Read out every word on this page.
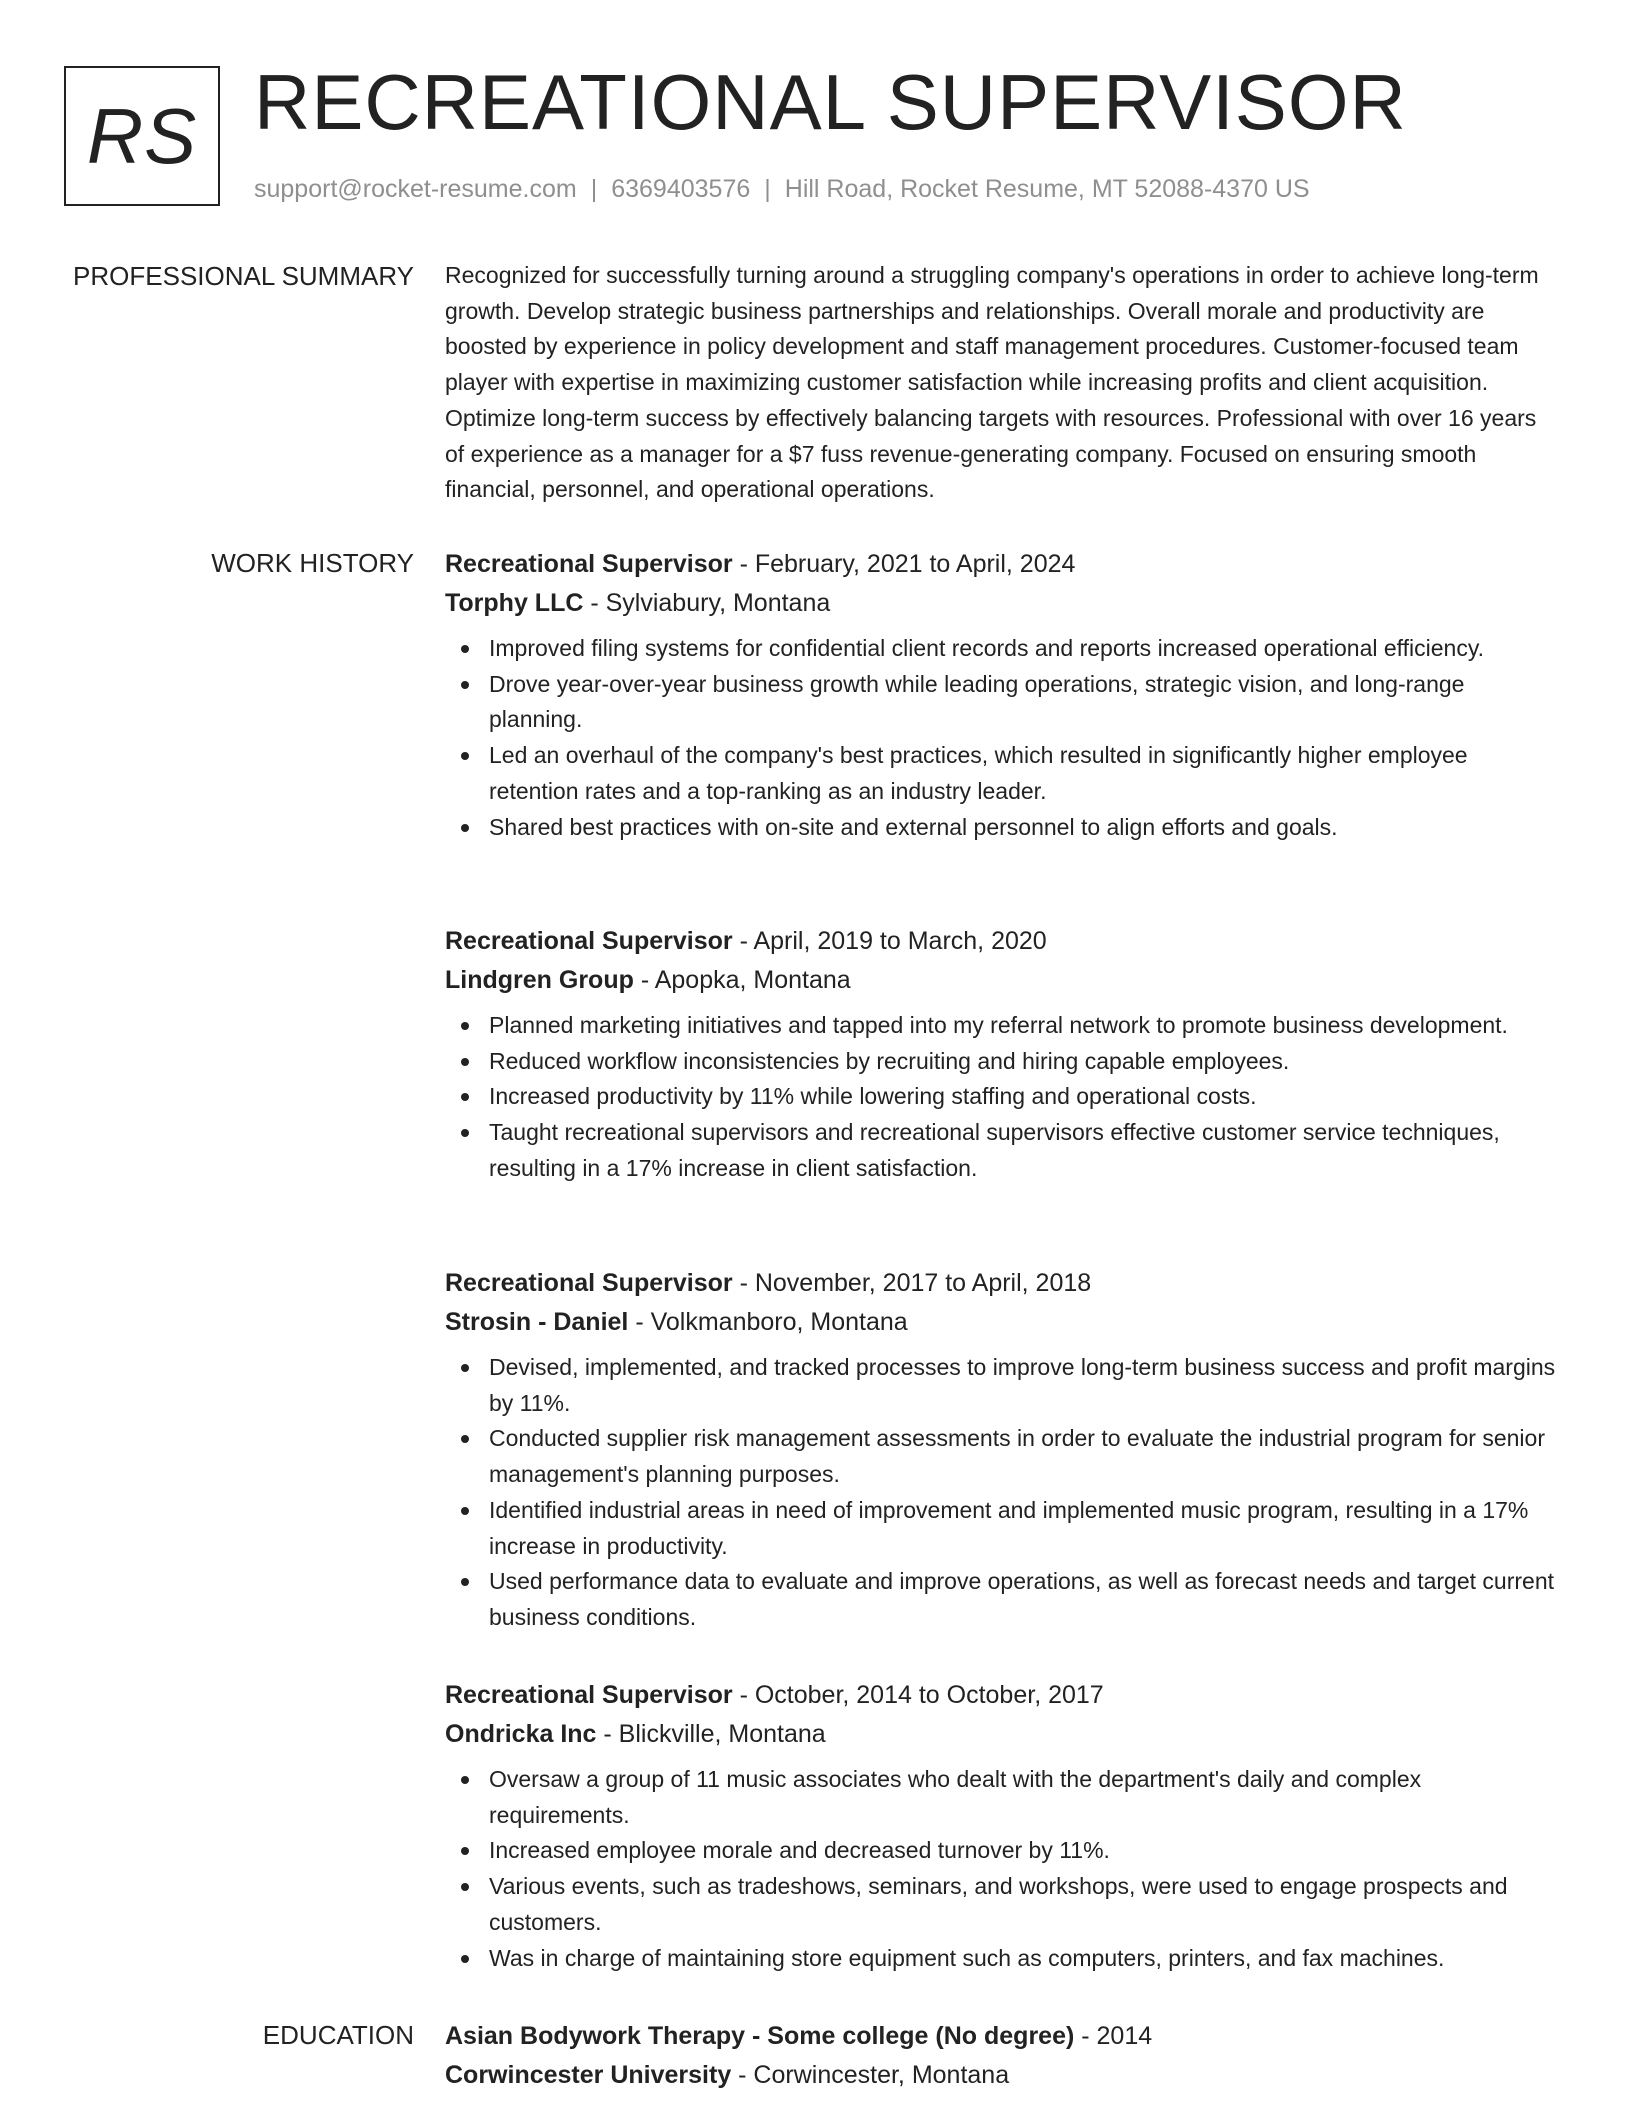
RS RECREATIONAL SUPERVISOR
support@rocket-resume.com | 6369403576 | Hill Road, Rocket Resume, MT 52088-4370 US
PROFESSIONAL SUMMARY Recognized for successfully turning around a struggling company's operations in order to achieve long-term growth. Develop strategic business partnerships and relationships. Overall morale and productivity are boosted by experience in policy development and staff management procedures. Customer-focused team player with expertise in maximizing customer satisfaction while increasing profits and client acquisition. Optimize long-term success by effectively balancing targets with resources. Professional with over 16 years of experience as a manager for a $7 fuss revenue-generating company. Focused on ensuring smooth financial, personnel, and operational operations.

WORK HISTORY Recreational Supervisor - February, 2021 to April, 2024
Torphy LLC - Sylviabury, Montana
Improved filing systems for confidential client records and reports increased operational efficiency.
Drove year-over-year business growth while leading operations, strategic vision, and long-range planning.
Led an overhaul of the company's best practices, which resulted in significantly higher employee retention rates and a top-ranking as an industry leader.
Shared best practices with on-site and external personnel to align efforts and goals.
Recreational Supervisor - April, 2019 to March, 2020
Lindgren Group - Apopka, Montana
Planned marketing initiatives and tapped into my referral network to promote business development.
Reduced workflow inconsistencies by recruiting and hiring capable employees.
Increased productivity by 11% while lowering staffing and operational costs.
Taught recreational supervisors and recreational supervisors effective customer service techniques, resulting in a 17% increase in client satisfaction.
Recreational Supervisor - November, 2017 to April, 2018
Strosin - Daniel - Volkmanboro, Montana
Devised, implemented, and tracked processes to improve long-term business success and profit margins by 11%.
Conducted supplier risk management assessments in order to evaluate the industrial program for senior management's planning purposes.
Identified industrial areas in need of improvement and implemented music program, resulting in a 17% increase in productivity.
Used performance data to evaluate and improve operations, as well as forecast needs and target current business conditions.
Recreational Supervisor - October, 2014 to October, 2017
Ondricka Inc - Blickville, Montana
Oversaw a group of 11 music associates who dealt with the department's daily and complex requirements.
Increased employee morale and decreased turnover by 11%.
Various events, such as tradeshows, seminars, and workshops, were used to engage prospects and customers.
Was in charge of maintaining store equipment such as computers, printers, and fax machines.
EDUCATION Asian Bodywork Therapy - Some college (No degree) - 2014
Corwincester University - Corwincester, Montana
